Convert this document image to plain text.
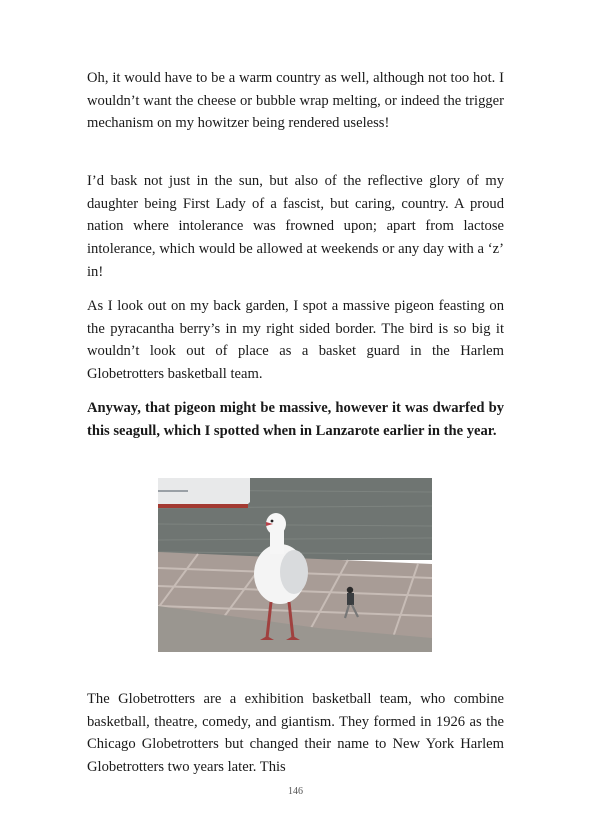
Oh, it would have to be a warm country as well, although not too hot. I wouldn’t want the cheese or bubble wrap melting, or indeed the trigger mechanism on my howitzer being rendered useless!

I’d bask not just in the sun, but also of the reflective glory of my daughter being First Lady of a fascist, but caring, country. A proud nation where intolerance was frowned upon; apart from lactose intolerance, which would be allowed at weekends or any day with a ‘z’ in!

As I look out on my back garden, I spot a massive pigeon feasting on the pyracantha berry’s in my right sided border. The bird is so big it wouldn’t look out of place as a basket guard in the Harlem Globetrotters basketball team.

Anyway, that pigeon might be massive, however it was dwarfed by this seagull, which I spotted when in Lanzarote earlier in the year.

The Globetrotters are a exhibition basketball team, who combine basketball, theatre, comedy, and giantism. They formed in 1926 as the Chicago Globetrotters but changed their name to New York Harlem Globetrotters two years later. This

146
